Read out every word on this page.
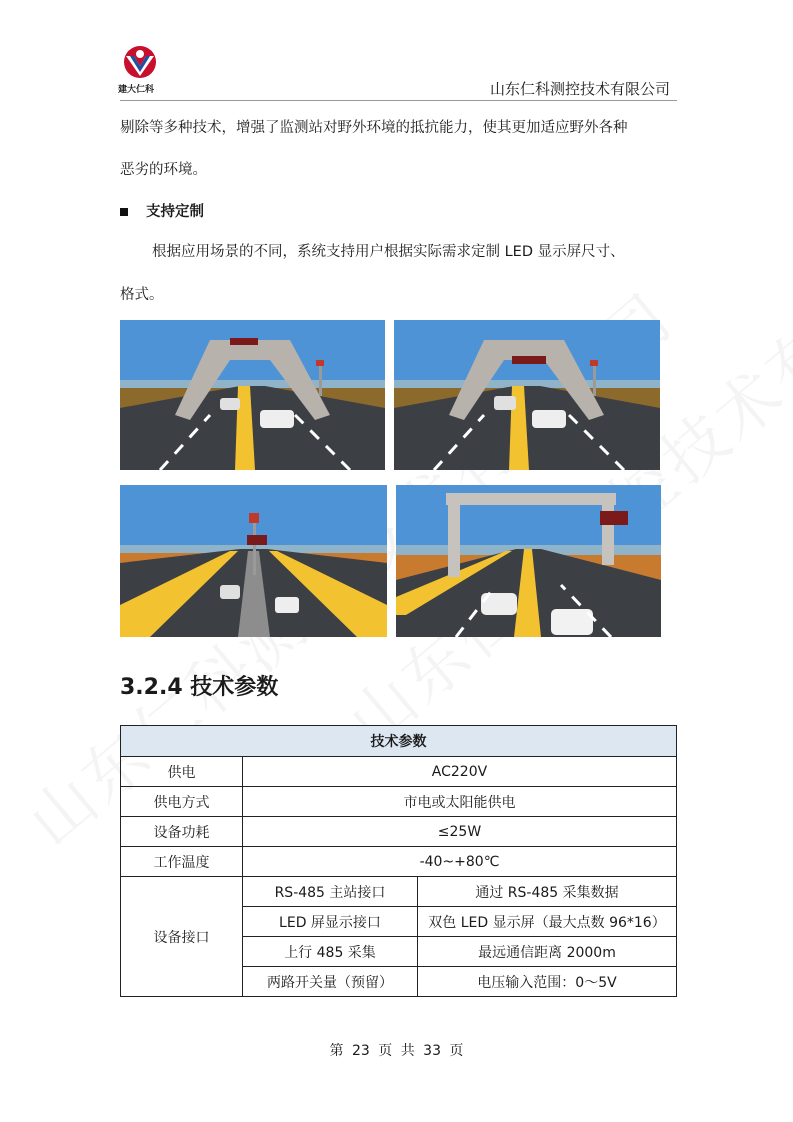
建大仁科	山东仁科测控技术有限公司
剔除等多种技术，增强了监测站对野外环境的抵抗能力，使其更加适应野外各种
恶劣的环境。
支持定制
根据应用场景的不同，系统支持用户根据实际需求定制 LED 显示屏尺寸、
格式。
3.2.4 技术参数
技术参数		
供电	AC220V	
供电方式	市电或太阳能供电	
设备功耗	≤25W	
工作温度	-40~+80℃	
设备接口	RS-485 主站接口	通过 RS-485 采集数据
	LED 屏显示接口	双色 LED 显示屏（最大点数 96*16）
	上行 485 采集	最远通信距离 2000m
	两路开关量（预留）	电压输入范围：0～5V
第 23 页 共 33 页
